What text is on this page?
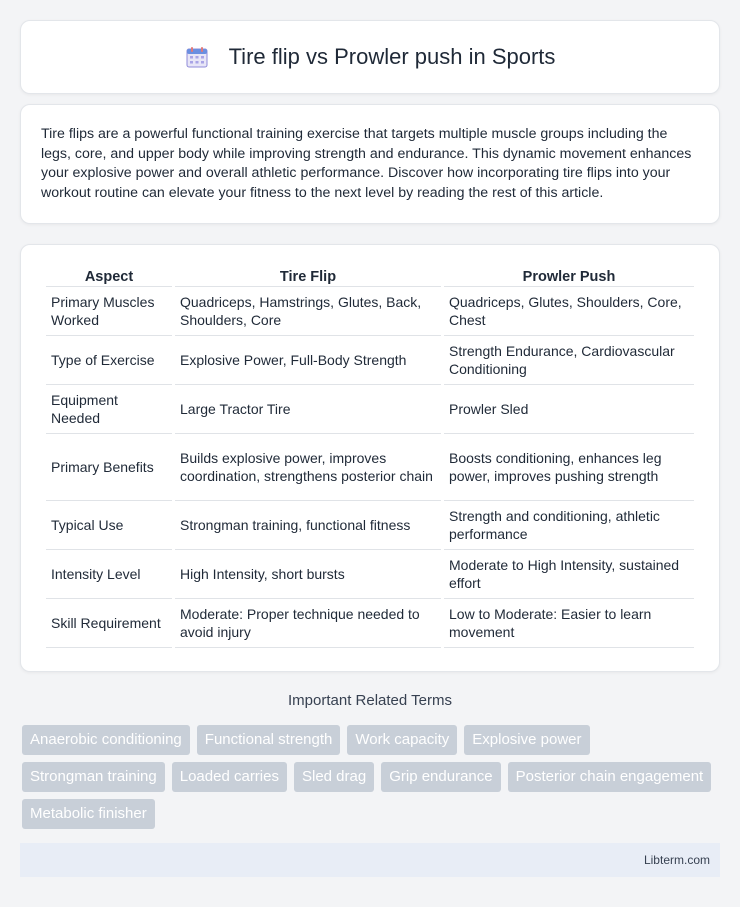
Tire flip vs Prowler push in Sports

Tire flips are a powerful functional training exercise that targets multiple muscle groups including the legs, core, and upper body while improving strength and endurance. This dynamic movement enhances your explosive power and overall athletic performance. Discover how incorporating tire flips into your workout routine can elevate your fitness to the next level by reading the rest of this article.

Aspect	Tire Flip	Prowler Push
Primary Muscles Worked	Quadriceps, Hamstrings, Glutes, Back, Shoulders, Core	Quadriceps, Glutes, Shoulders, Core, Chest
Type of Exercise	Explosive Power, Full-Body Strength	Strength Endurance, Cardiovascular Conditioning
Equipment Needed	Large Tractor Tire	Prowler Sled
Primary Benefits	Builds explosive power, improves coordination, strengthens posterior chain	Boosts conditioning, enhances leg power, improves pushing strength
Typical Use	Strongman training, functional fitness	Strength and conditioning, athletic performance
Intensity Level	High Intensity, short bursts	Moderate to High Intensity, sustained effort
Skill Requirement	Moderate: Proper technique needed to avoid injury	Low to Moderate: Easier to learn movement
Important Related Terms
Anaerobic conditioning	Functional strength	Work capacity	Explosive power
Strongman training	Loaded carries	Sled drag	Grip endurance	Posterior chain engagement
Metabolic finisher
Libterm.com
